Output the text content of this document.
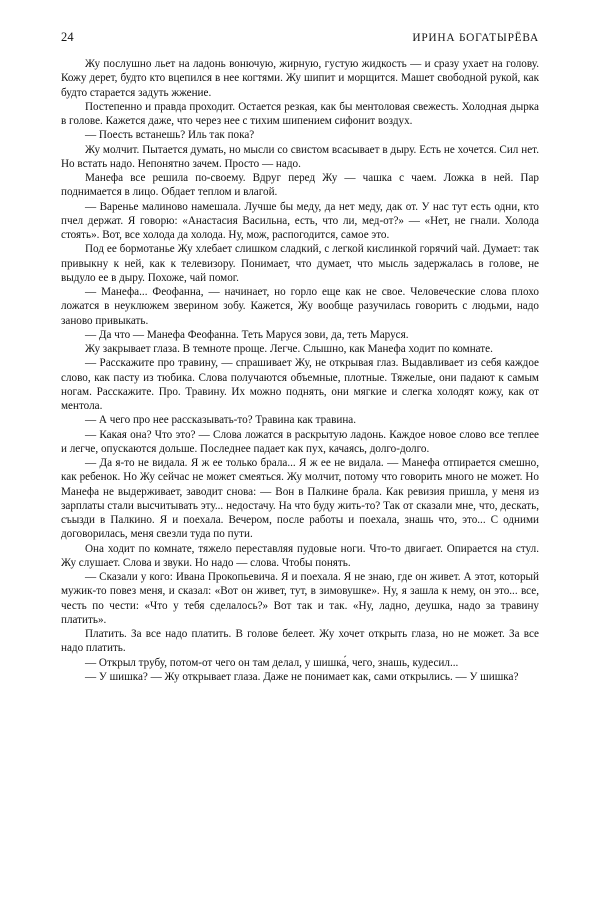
24	ИРИНА БОГАТЫРЁВА

Жу послушно льет на ладонь вонючую, жирную, густую жидкость — и сразу ухает на голову. Кожу дерет, будто кто вцепился в нее когтями. Жу шипит и морщится. Машет свободной рукой, как будто старается задуть жжение.

Постепенно и правда проходит. Остается резкая, как бы ментоловая свежесть. Холодная дырка в голове. Кажется даже, что через нее с тихим шипением сифонит воздух.

— Поесть встанешь? Иль так пока?

Жу молчит. Пытается думать, но мысли со свистом всасывает в дыру. Есть не хочется. Сил нет. Но встать надо. Непонятно зачем. Просто — надо.

Манефа все решила по-своему. Вдруг перед Жу — чашка с чаем. Ложка в ней. Пар поднимается в лицо. Обдает теплом и влагой.

— Варенье малиново намешала. Лучше бы меду, да нет меду, дак от. У нас тут есть одни, кто пчел держат. Я говорю: «Анастасия Васильна, есть, что ли, мед-от?» — «Нет, не гнали. Холода стоять». Вот, все холода да холода. Ну, мож, распогодится, самое это.

Под ее бормотанье Жу хлебает слишком сладкий, с легкой кислинкой горячий чай. Думает: так привыкну к ней, как к телевизору. Понимает, что думает, что мысль задержалась в голове, не выдуло ее в дыру. Похоже, чай помог.

— Манефа... Феофанна, — начинает, но горло еще как не свое. Человеческие слова плохо ложатся в неуклюжем зверином зобу. Кажется, Жу вообще разучилась говорить с людьми, надо заново привыкать.

— Да что — Манефа Феофанна. Теть Маруся зови, да, теть Маруся.

Жу закрывает глаза. В темноте проще. Легче. Слышно, как Манефа ходит по комнате.

— Расскажите про травину, — спрашивает Жу, не открывая глаз. Выдавливает из себя каждое слово, как пасту из тюбика. Слова получаются объемные, плотные. Тяжелые, они падают к самым ногам. Расскажите. Про. Травину. Их можно поднять, они мягкие и слегка холодят кожу, как от ментола.

— А чего про нее рассказывать-то? Травина как травина.

— Какая она? Что это? — Слова ложатся в раскрытую ладонь. Каждое новое слово все теплее и легче, опускаются дольше. Последнее падает как пух, качаясь, долго-долго.

— Да я-то не видала. Я ж ее только брала... Я ж ее не видала. — Манефа отпирается смешно, как ребенок. Но Жу сейчас не может смеяться. Жу молчит, потому что говорить много не может. Но Манефа не выдерживает, заводит снова: — Вон в Палкине брала. Как ревизия пришла, у меня из зарплаты стали высчитывать эту... недостачу. На что буду жить-то? Так от сказали мне, что, дескать, съызди в Палкино. Я и поехала. Вечером, после работы и поехала, знашь что, это... С одними договорилась, меня свезли туда по пути.

Она ходит по комнате, тяжело переставляя пудовые ноги. Что-то двигает. Опирается на стул. Жу слушает. Слова и звуки. Но надо — слова. Чтобы понять.

— Сказали у кого: Ивана Прокопьевича. Я и поехала. Я не знаю, где он живет. А этот, который мужик-то повез меня, и сказал: «Вот он живет, тут, в зимовушке». Ну, я зашла к нему, он это... все, честь по чести: «Что у тебя сделалось?» Вот так и так. «Ну, ладно, деушка, надо за травину платить».

Платить. За все надо платить. В голове белеет. Жу хочет открыть глаза, но не может. За все надо платить.

— Открыл трубу, потом-от чего он там делал, у шишка́, чего, знашь, кудесил...

— У шишка? — Жу открывает глаза. Даже не понимает как, сами открылись. — У шишка?
